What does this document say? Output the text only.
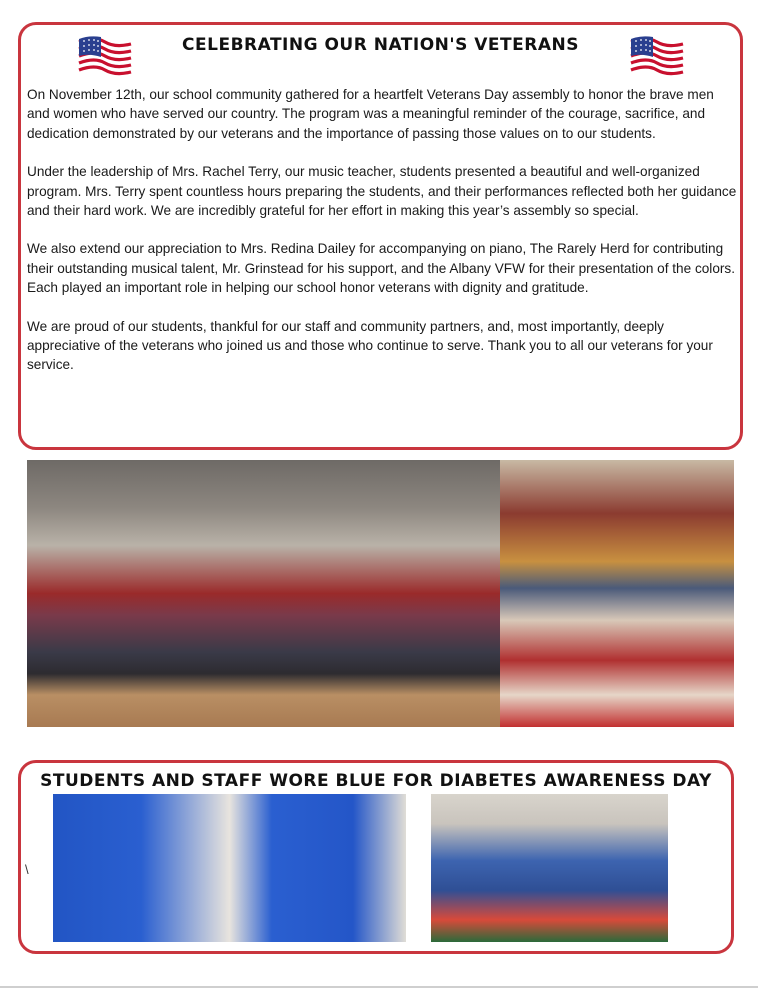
CELEBRATING OUR NATION'S VETERANS

On November 12th, our school community gathered for a heartfelt Veterans Day assembly to honor the brave men and women who have served our country. The program was a meaningful reminder of the courage, sacrifice, and dedication demonstrated by our veterans and the importance of passing those values on to our students.

Under the leadership of Mrs. Rachel Terry, our music teacher, students presented a beautiful and well-organized program. Mrs. Terry spent countless hours preparing the students, and their performances reflected both her guidance and their hard work. We are incredibly grateful for her effort in making this year’s assembly so special.

We also extend our appreciation to Mrs. Redina Dailey for accompanying on piano, The Rarely Herd for contributing their outstanding musical talent, Mr. Grinstead for his support, and the Albany VFW for their presentation of the colors. Each played an important role in helping our school honor veterans with dignity and gratitude.

We are proud of our students, thankful for our staff and community partners, and, most importantly, deeply appreciative of the veterans who joined us and those who continue to serve. Thank you to all our veterans for your service.

STUDENTS AND STAFF WORE BLUE FOR DIABETES AWARENESS DAY
\
